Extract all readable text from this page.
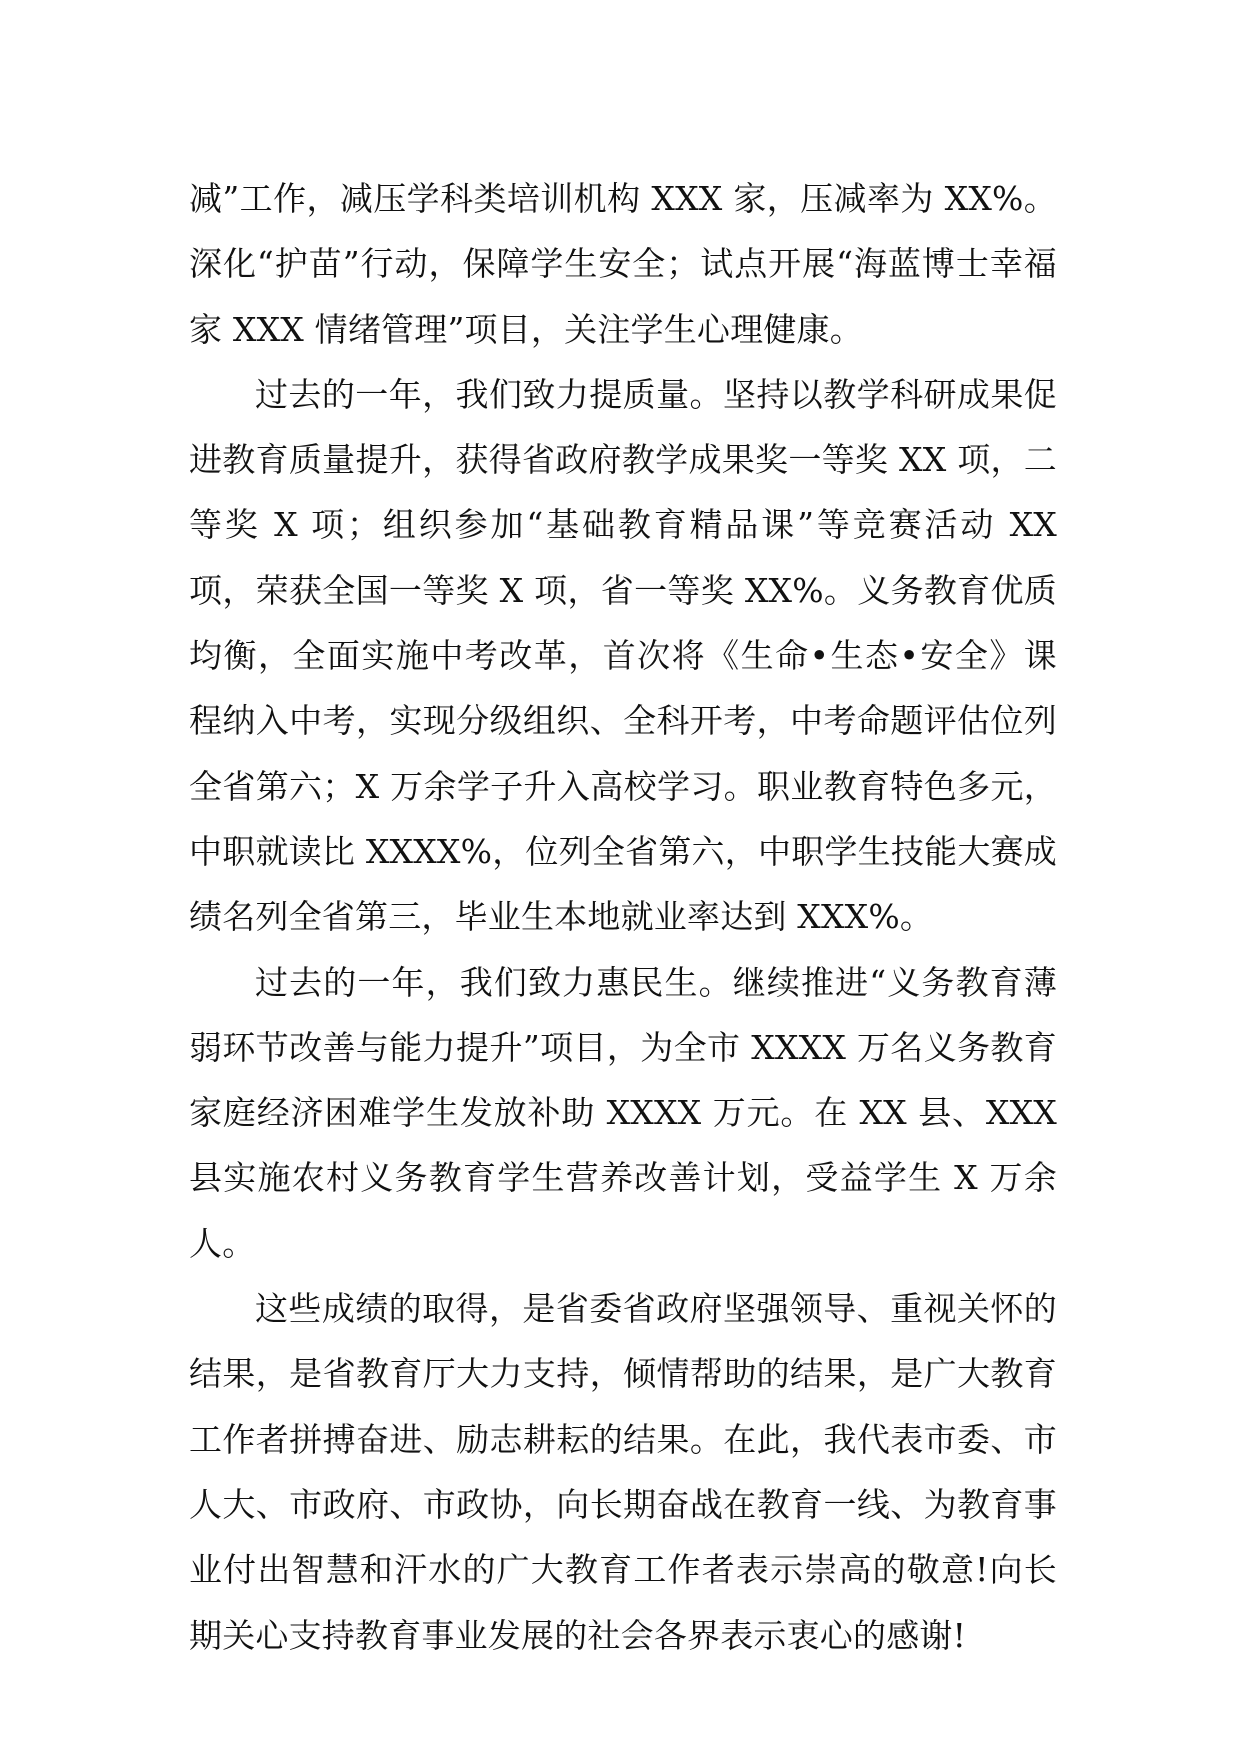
减”工作，减压学科类培训机构 XXX 家，压减率为 XX%。深化“护苗”行动，保障学生安全；试点开展“海蓝博士幸福家 XXX 情绪管理”项目，关注学生心理健康。

过去的一年，我们致力提质量。坚持以教学科研成果促进教育质量提升，获得省政府教学成果奖一等奖 XX 项，二等奖 X 项；组织参加“基础教育精品课”等竞赛活动 XX 项，荣获全国一等奖 X 项，省一等奖 XX%。义务教育优质均衡，全面实施中考改革，首次将《生命•生态•安全》课程纳入中考，实现分级组织、全科开考，中考命题评估位列全省第六；X 万余学子升入高校学习。职业教育特色多元，中职就读比 XXXX%，位列全省第六，中职学生技能大赛成绩名列全省第三，毕业生本地就业率达到 XXX%。

过去的一年，我们致力惠民生。继续推进“义务教育薄弱环节改善与能力提升”项目，为全市 XXXX 万名义务教育家庭经济困难学生发放补助 XXXX 万元。在 XX 县、XXX 县实施农村义务教育学生营养改善计划，受益学生 X 万余人。

这些成绩的取得，是省委省政府坚强领导、重视关怀的结果，是省教育厅大力支持，倾情帮助的结果，是广大教育工作者拼搏奋进、励志耕耘的结果。在此，我代表市委、市人大、市政府、市政协，向长期奋战在教育一线、为教育事业付出智慧和汗水的广大教育工作者表示崇高的敬意!向长期关心支持教育事业发展的社会各界表示衷心的感谢!
